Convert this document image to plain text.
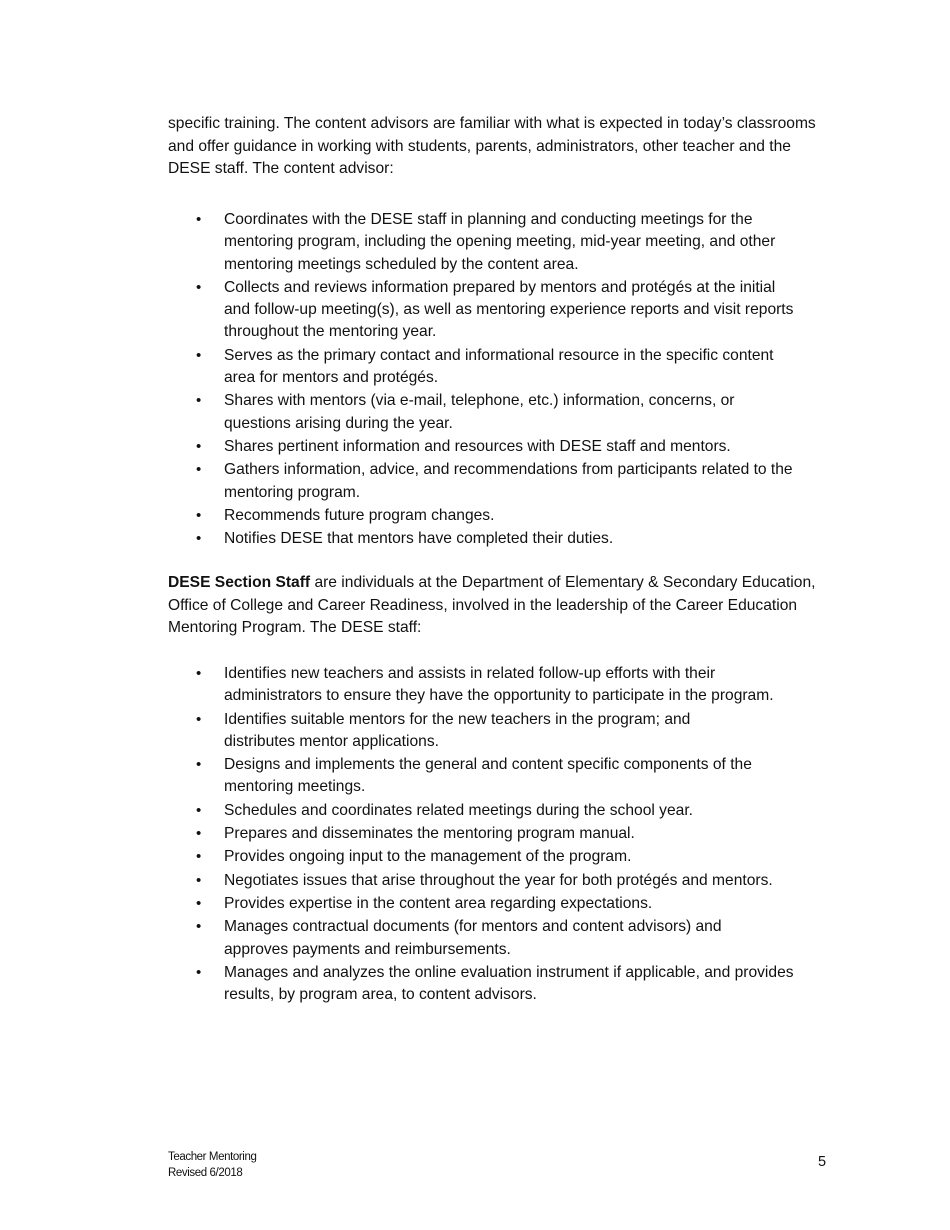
specific training. The content advisors are familiar with what is expected in today’s classrooms and offer guidance in working with students, parents, administrators, other teacher and the DESE staff. The content advisor:

• Coordinates with the DESE staff in planning and conducting meetings for the mentoring program, including the opening meeting, mid-year meeting, and other mentoring meetings scheduled by the content area.
• Collects and reviews information prepared by mentors and protégés at the initial and follow-up meeting(s), as well as mentoring experience reports and visit reports throughout the mentoring year.
• Serves as the primary contact and informational resource in the specific content area for mentors and protégés.
• Shares with mentors (via e-mail, telephone, etc.) information, concerns, or questions arising during the year.
• Shares pertinent information and resources with DESE staff and mentors.
• Gathers information, advice, and recommendations from participants related to the mentoring program.
• Recommends future program changes.
• Notifies DESE that mentors have completed their duties.

DESE Section Staff are individuals at the Department of Elementary & Secondary Education, Office of College and Career Readiness, involved in the leadership of the Career Education Mentoring Program. The DESE staff:

• Identifies new teachers and assists in related follow-up efforts with their administrators to ensure they have the opportunity to participate in the program.
• Identifies suitable mentors for the new teachers in the program; and distributes mentor applications.
• Designs and implements the general and content specific components of the mentoring meetings.
• Schedules and coordinates related meetings during the school year.
• Prepares and disseminates the mentoring program manual.
• Provides ongoing input to the management of the program.
• Negotiates issues that arise throughout the year for both protégés and mentors.
• Provides expertise in the content area regarding expectations.
• Manages contractual documents (for mentors and content advisors) and approves payments and reimbursements.
• Manages and analyzes the online evaluation instrument if applicable, and provides results, by program area, to content advisors.
Teacher Mentoring
Revised 6/2018
5
